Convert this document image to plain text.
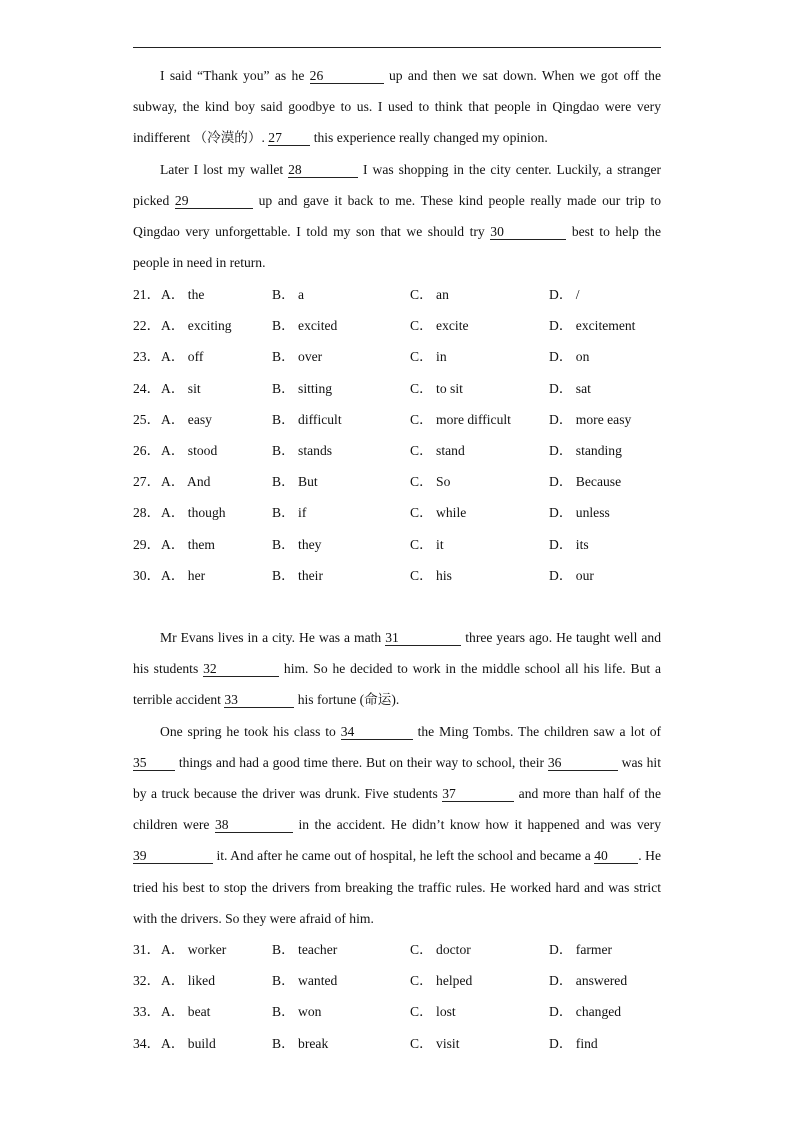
I said “Thank you” as he 26	up and then we sat down. When we got off the subway, the kind boy said goodbye to us. I used to think that people in Qingdao were very indifferent （冷漠的）. 27 this experience really changed my opinion.

Later I lost my wallet 28	I was shopping in the city center. Luckily, a stranger picked 29	up and gave it back to me. These kind people really made our trip to Qingdao very unforgettable. I told my son that we should try 30	best to help the people in need in return.

21． A． the	B． a	C． an	D． /
22． A． exciting	B． excited	C． excite	D． excitement
23． A． off	B． over	C． in	D． on
24． A． sit	B． sitting	C． to sit	D． sat
25． A． easy	B． difficult	C． more difficult	D． more easy
26． A． stood	B． stands	C． stand	D． standing
27． A． And	B． But	C． So	D． Because
28． A． though	B． if	C． while	D． unless
29． A． them	B． they	C． it	D． its
30． A． her	B． their	C． his	D． our

Mr Evans lives in a city. He was a math 31	three years ago. He taught well and his students 32	him. So he decided to work in the middle school all his life. But a terrible accident 33	his fortune (命运).

One spring he took his class to 34	the Ming Tombs. The children saw a lot of 35 things and had a good time there. But on their way to school, their 36	was hit by a truck because the driver was drunk. Five students 37	and more than half of the children were 38	in the accident. He didn’t know how it happened and was very 39	it. And after he came out of hospital, he left the school and became a 40 . He tried his best to stop the drivers from breaking the traffic rules. He worked hard and was strict with the drivers. So they were afraid of him.

31． A． worker	B． teacher	C． doctor	D． farmer
32． A． liked	B． wanted	C． helped	D． answered
33． A． beat	B． won	C． lost	D． changed
34． A． build	B． break	C． visit	D． find
